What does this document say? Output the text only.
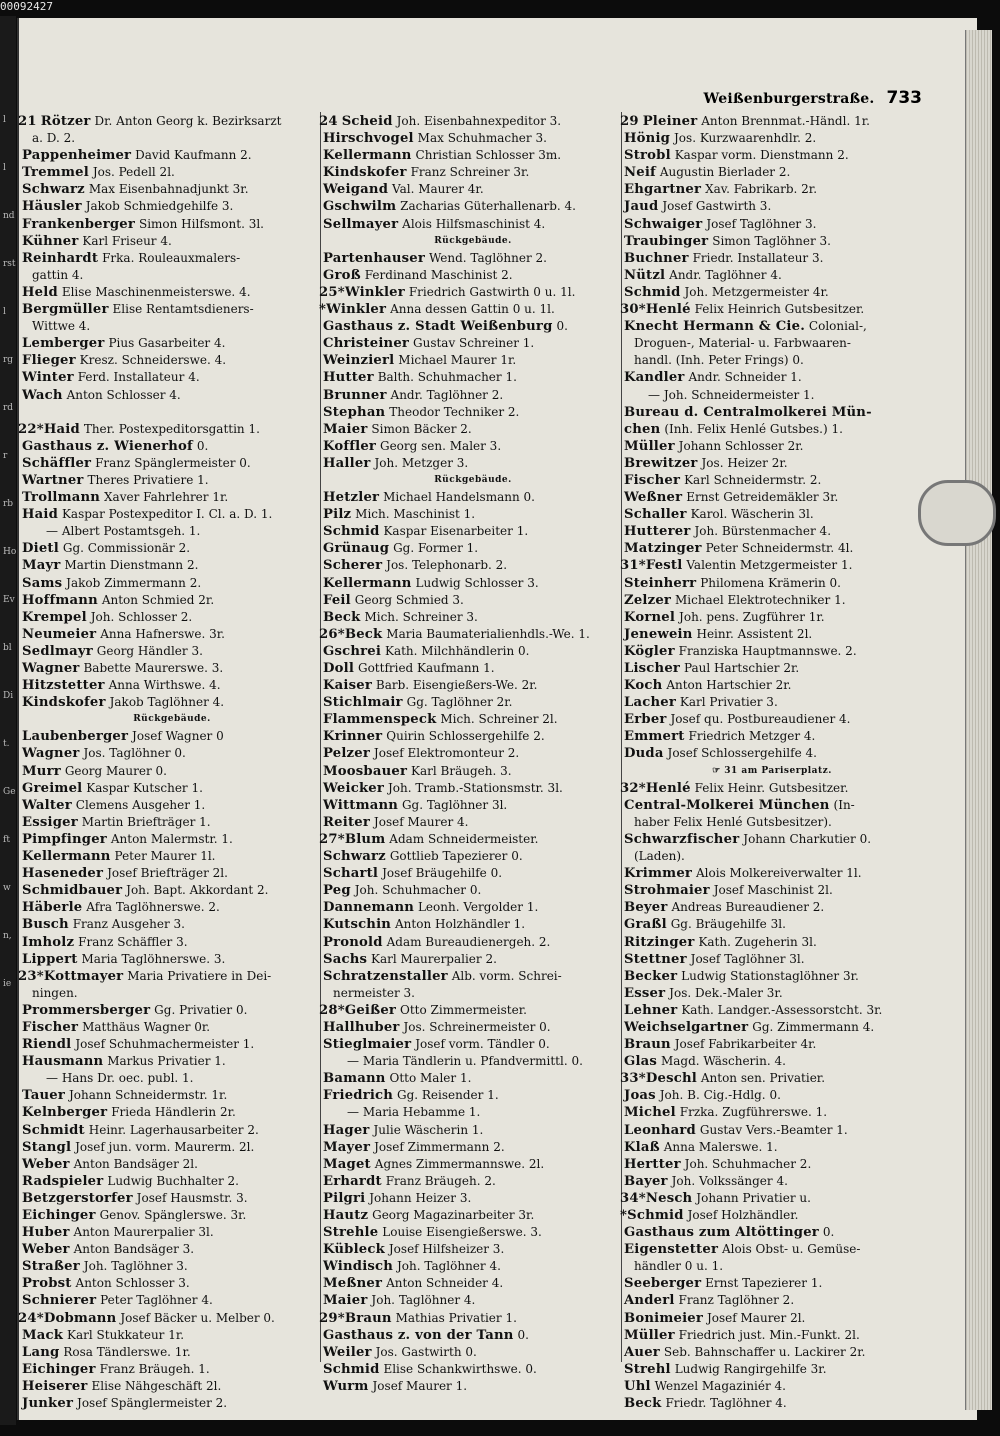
l
l
nd
rst
l
rg
rd
r
rb
Ho
Ev
bl
Di
t.
Ge
ft
w
n,
ie
00092427
Weißenburgerstraße. 733
21 Rötzer Dr. Anton Georg k. Bezirksarzt
a. D. 2.
Pappenheimer David Kaufmann 2.
Tremmel Jos. Pedell 2l.
Schwarz Max Eisenbahnadjunkt 3r.
Häusler Jakob Schmiedgehilfe 3.
Frankenberger Simon Hilfsmont. 3l.
Kühner Karl Friseur 4.
Reinhardt Frka. Rouleauxmalers-
gattin 4.
Held Elise Maschinenmeisterswe. 4.
Bergmüller Elise Rentamtsdieners-
Wittwe 4.
Lemberger Pius Gasarbeiter 4.
Flieger Kresz. Schneiderswe. 4.
Winter Ferd. Installateur 4.
Wach Anton Schlosser 4.

22*Haid Ther. Postexpeditorsgattin 1.
Gasthaus z. Wienerhof 0.
Schäffler Franz Spänglermeister 0.
Wartner Theres Privatiere 1.
Trollmann Xaver Fahrlehrer 1r.
Haid Kaspar Postexpeditor I. Cl. a. D. 1.
— Albert Postamtsgeh. 1.
Dietl Gg. Commissionär 2.
Mayr Martin Dienstmann 2.
Sams Jakob Zimmermann 2.
Hoffmann Anton Schmied 2r.
Krempel Joh. Schlosser 2.
Neumeier Anna Hafnerswe. 3r.
Sedlmayr Georg Händler 3.
Wagner Babette Maurerswe. 3.
Hitzstetter Anna Wirthswe. 4.
Kindskofer Jakob Taglöhner 4.
Rückgebäude.
Laubenberger Josef Wagner 0
Wagner Jos. Taglöhner 0.
Murr Georg Maurer 0.
Greimel Kaspar Kutscher 1.
Walter Clemens Ausgeher 1.
Essiger Martin Briefträger 1.
Pimpfinger Anton Malermstr. 1.
Kellermann Peter Maurer 1l.
Haseneder Josef Briefträger 2l.
Schmidbauer Joh. Bapt. Akkordant 2.
Häberle Afra Taglöhnerswe. 2.
Busch Franz Ausgeher 3.
Imholz Franz Schäffler 3.
Lippert Maria Taglöhnerswe. 3.
23*Kottmayer Maria Privatiere in Dei-
ningen.
Prommersberger Gg. Privatier 0.
Fischer Matthäus Wagner 0r.
Riendl Josef Schuhmachermeister 1.
Hausmann Markus Privatier 1.
— Hans Dr. oec. publ. 1.
Tauer Johann Schneidermstr. 1r.
Kelnberger Frieda Händlerin 2r.
Schmidt Heinr. Lagerhausarbeiter 2.
Stangl Josef jun. vorm. Maurerm. 2l.
Weber Anton Bandsäger 2l.
Radspieler Ludwig Buchhalter 2.
Betzgerstorfer Josef Hausmstr. 3.
Eichinger Genov. Spänglerswe. 3r.
Huber Anton Maurerpalier 3l.
Weber Anton Bandsäger 3.
Straßer Joh. Taglöhner 3.
Probst Anton Schlosser 3.
Schnierer Peter Taglöhner 4.
24*Dobmann Josef Bäcker u. Melber 0.
Mack Karl Stukkateur 1r.
Lang Rosa Tändlerswe. 1r.
Eichinger Franz Bräugeh. 1.
Heiserer Elise Nähgeschäft 2l.
Junker Josef Spänglermeister 2.
24 Scheid Joh. Eisenbahnexpeditor 3.
Hirschvogel Max Schuhmacher 3.
Kellermann Christian Schlosser 3m.
Kindskofer Franz Schreiner 3r.
Weigand Val. Maurer 4r.
Gschwilm Zacharias Güterhallenarb. 4.
Sellmayer Alois Hilfsmaschinist 4.
Rückgebäude.
Partenhauser Wend. Taglöhner 2.
Groß Ferdinand Maschinist 2.
25*Winkler Friedrich Gastwirth 0 u. 1l.
*Winkler Anna dessen Gattin 0 u. 1l.
Gasthaus z. Stadt Weißenburg 0.
Christeiner Gustav Schreiner 1.
Weinzierl Michael Maurer 1r.
Hutter Balth. Schuhmacher 1.
Brunner Andr. Taglöhner 2.
Stephan Theodor Techniker 2.
Maier Simon Bäcker 2.
Koffler Georg sen. Maler 3.
Haller Joh. Metzger 3.
Rückgebäude.
Hetzler Michael Handelsmann 0.
Pilz Mich. Maschinist 1.
Schmid Kaspar Eisenarbeiter 1.
Grünaug Gg. Former 1.
Scherer Jos. Telephonarb. 2.
Kellermann Ludwig Schlosser 3.
Feil Georg Schmied 3.
Beck Mich. Schreiner 3.
26*Beck Maria Baumaterialienhdls.-We. 1.
Gschrei Kath. Milchhändlerin 0.
Doll Gottfried Kaufmann 1.
Kaiser Barb. Eisengießers-We. 2r.
Stichlmair Gg. Taglöhner 2r.
Flammenspeck Mich. Schreiner 2l.
Krinner Quirin Schlossergehilfe 2.
Pelzer Josef Elektromonteur 2.
Moosbauer Karl Bräugeh. 3.
Weicker Joh. Tramb.-Stationsmstr. 3l.
Wittmann Gg. Taglöhner 3l.
Reiter Josef Maurer 4.
27*Blum Adam Schneidermeister.
Schwarz Gottlieb Tapezierer 0.
Schartl Josef Bräugehilfe 0.
Peg Joh. Schuhmacher 0.
Dannemann Leonh. Vergolder 1.
Kutschin Anton Holzhändler 1.
Pronold Adam Bureaudienergeh. 2.
Sachs Karl Maurerpalier 2.
Schratzenstaller Alb. vorm. Schrei-
nermeister 3.
28*Geißer Otto Zimmermeister.
Hallhuber Jos. Schreinermeister 0.
Stieglmaier Josef vorm. Tändler 0.
— Maria Tändlerin u. Pfandvermittl. 0.
Bamann Otto Maler 1.
Friedrich Gg. Reisender 1.
— Maria Hebamme 1.
Hager Julie Wäscherin 1.
Mayer Josef Zimmermann 2.
Maget Agnes Zimmermannswe. 2l.
Erhardt Franz Bräugeh. 2.
Pilgri Johann Heizer 3.
Hautz Georg Magazinarbeiter 3r.
Strehle Louise Eisengießerswe. 3.
Kübleck Josef Hilfsheizer 3.
Windisch Joh. Taglöhner 4.
Meßner Anton Schneider 4.
Maier Joh. Taglöhner 4.
29*Braun Mathias Privatier 1.
Gasthaus z. von der Tann 0.
Weiler Jos. Gastwirth 0.
Schmid Elise Schankwirthswe. 0.
Wurm Josef Maurer 1.
29 Pleiner Anton Brennmat.-Händl. 1r.
Hönig Jos. Kurzwaarenhdlr. 2.
Strobl Kaspar vorm. Dienstmann 2.
Neif Augustin Bierlader 2.
Ehgartner Xav. Fabrikarb. 2r.
Jaud Josef Gastwirth 3.
Schwaiger Josef Taglöhner 3.
Traubinger Simon Taglöhner 3.
Buchner Friedr. Installateur 3.
Nützl Andr. Taglöhner 4.
Schmid Joh. Metzgermeister 4r.
30*Henlé Felix Heinrich Gutsbesitzer.
Knecht Hermann & Cie. Colonial-,
Droguen-, Material- u. Farbwaaren-
handl. (Inh. Peter Frings) 0.
Kandler Andr. Schneider 1.
— Joh. Schneidermeister 1.
Bureau d. Centralmolkerei Mün-
chen (Inh. Felix Henlé Gutsbes.) 1.
Müller Johann Schlosser 2r.
Brewitzer Jos. Heizer 2r.
Fischer Karl Schneidermstr. 2.
Weßner Ernst Getreidemäkler 3r.
Schaller Karol. Wäscherin 3l.
Hutterer Joh. Bürstenmacher 4.
Matzinger Peter Schneidermstr. 4l.
31*Festl Valentin Metzgermeister 1.
Steinherr Philomena Krämerin 0.
Zelzer Michael Elektrotechniker 1.
Kornel Joh. pens. Zugführer 1r.
Jenewein Heinr. Assistent 2l.
Kögler Franziska Hauptmannswe. 2.
Lischer Paul Hartschier 2r.
Koch Anton Hartschier 2r.
Lacher Karl Privatier 3.
Erber Josef qu. Postbureaudiener 4.
Emmert Friedrich Metzger 4.
Duda Josef Schlossergehilfe 4.
☞ 31 am Pariserplatz.
32*Henlé Felix Heinr. Gutsbesitzer.
Central-Molkerei München (In-
haber Felix Henlé Gutsbesitzer).
Schwarzfischer Johann Charkutier 0.
(Laden).
Krimmer Alois Molkereiverwalter 1l.
Strohmaier Josef Maschinist 2l.
Beyer Andreas Bureaudiener 2.
Graßl Gg. Bräugehilfe 3l.
Ritzinger Kath. Zugeherin 3l.
Stettner Josef Taglöhner 3l.
Becker Ludwig Stationstaglöhner 3r.
Esser Jos. Dek.-Maler 3r.
Lehner Kath. Landger.-Assessorstcht. 3r.
Weichselgartner Gg. Zimmermann 4.
Braun Josef Fabrikarbeiter 4r.
Glas Magd. Wäscherin. 4.
33*Deschl Anton sen. Privatier.
Joas Joh. B. Cig.-Hdlg. 0.
Michel Frzka. Zugführerswe. 1.
Leonhard Gustav Vers.-Beamter 1.
Klaß Anna Malerswe. 1.
Hertter Joh. Schuhmacher 2.
Bayer Joh. Volkssänger 4.
34*Nesch Johann Privatier u.
*Schmid Josef Holzhändler.
Gasthaus zum Altöttinger 0.
Eigenstetter Alois Obst- u. Gemüse-
händler 0 u. 1.
Seeberger Ernst Tapezierer 1.
Anderl Franz Taglöhner 2.
Bonimeier Josef Maurer 2l.
Müller Friedrich just. Min.-Funkt. 2l.
Auer Seb. Bahnschaffer u. Lackirer 2r.
Strehl Ludwig Rangirgehilfe 3r.
Uhl Wenzel Magaziniér 4.
Beck Friedr. Taglöhner 4.
